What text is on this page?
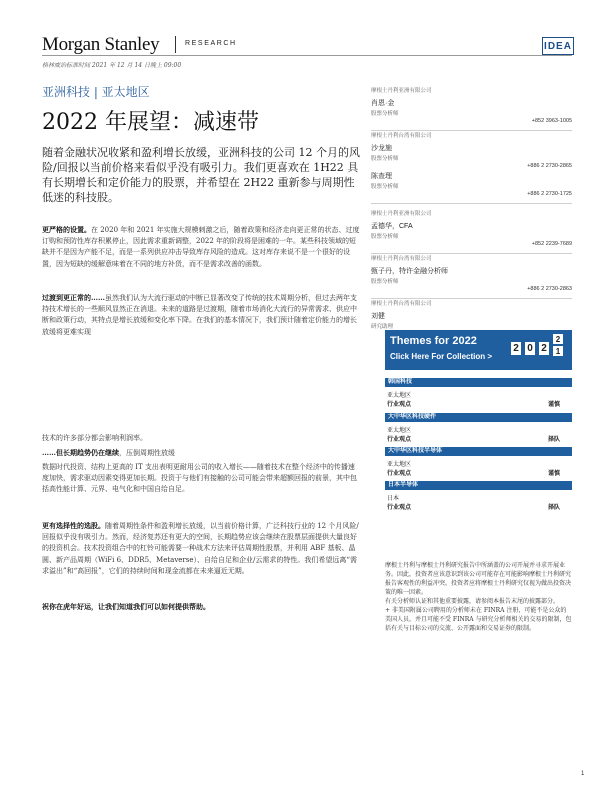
Morgan Stanley	RESEARCH	IDEA
格林威治标准时间 2021 年 12 月 14 日晚上 09:00
亚洲科技 | 亚太地区
2022 年展望：减速带
随着金融状况收紧和盈利增长放缓，亚洲科技的公司 12 个月的风险/回报以当前价格来看似乎没有吸引力。我们更喜欢在 1H22 具有长期增长和定价能力的股票，并希望在 2H22 重新参与周期性低迷的科技股。
更严格的设置。在 2020 年和 2021 年实施大规模刺激之后，随着政策和经济走向更正常的状态、过度订购和预防性库存积累停止，因此需求重新调整，2022 年的阶段将是困难的一年。某些科技领域的短缺并不是因为产能不足，而是一系列供应冲击导致库存风险的造成。这对库存来说不是一个很好的设置，因为短缺的缓解意味着在不同的地方补货，而不是需求改善的函数。
过渡到更正常的……虽然我们认为大流行驱动的中断已显著改变了传统的技术周期分析，但过去两年支持技术增长的一些顺风显然正在消退。未来的道路是过渡期，随着市场消化大流行的异常需求、供应中断和政策行动，其特点是增长放缓和变化率下降。在我们的基本情况下，我们预计随着定价能力的增长放缓将更难实现
技术的许多部分都会影响利润率。
……但长期趋势仍在继续，压倒周期性放缓
数据时代投资、结构上更高的 IT 支出表明更耐用公司的收入增长——随着技术在整个经济中的传播速度加快，需求驱动因素变得更加长期。投资于与他们有接触的公司可能会带来超额回报的前景，其中包括高性能计算、元界、电气化和中国自给自足。
更有选择性的选股。随着周期性条件和盈利增长放缓，以当前价格计算，广泛科技行业的 12 个月风险/回报似乎没有吸引力。然而，经济复苏还有更大的空间，长期趋势应该会继续在股票层面提供大量良好的投资机会。技术投资组合中的杠铃可能需要一种战术方法来评估周期性股票，并利用 ABF 基板、晶圆、新产品周期（WiFi 6、DDR5、Metaverse）、自给自足和企业/云需求的特性。我们希望远离“需求溢出”和“高回报”，它们的持续时间和现金流都在未来逼近无期。
祝你在虎年好运，让我们知道我们可以如何提供帮助。
摩根士丹利亚洲有限公司
肖恩·金
股票分析师
+852 3963-1005
摩根士丹利台湾有限公司
沙龙施
股票分析师
+886 2 2730-2865
陈查理
股票分析师
+886 2 2730-1725
摩根士丹利亚洲有限公司
孟德华，CFA
股票分析师
+852 2239-7689
摩根士丹利台湾有限公司
甄子丹，特许金融分析师
股票分析师
+886 2 2730-2863
摩根士丹利台湾有限公司
刘健
研究助理
Themes for 2022
Click Here For Collection >
2 0 2
2
1
韩国科技
亚太地区
行业观点	谨慎
大中华区科技硬件
亚太地区
行业观点	择队
大中华区科技半导体
亚太地区
行业观点	谨慎
日本半导体
日本
行业观点	择队
摩根士丹利与摩根士丹利研究报告中所涵盖的公司开展并寻求开展业务。因此，投资者应该意识到该公司可能存在可能影响摩根士丹利研究报告客观性的利益冲突。投资者应将摩根士丹利研究仅视为做出投资决策的唯一因素。
有关分析师认证和其他重要披露，请参阅本报告末尾的披露部分。
+ 非美国附属公司聘用的分析师未在 FINRA 注册，可能不是公众的美国人员，并且可能不受 FINRA 与研究分析师相关的交易的限制，包括有关与目标公司的交流、公开露面和交易证券的限制。
1
